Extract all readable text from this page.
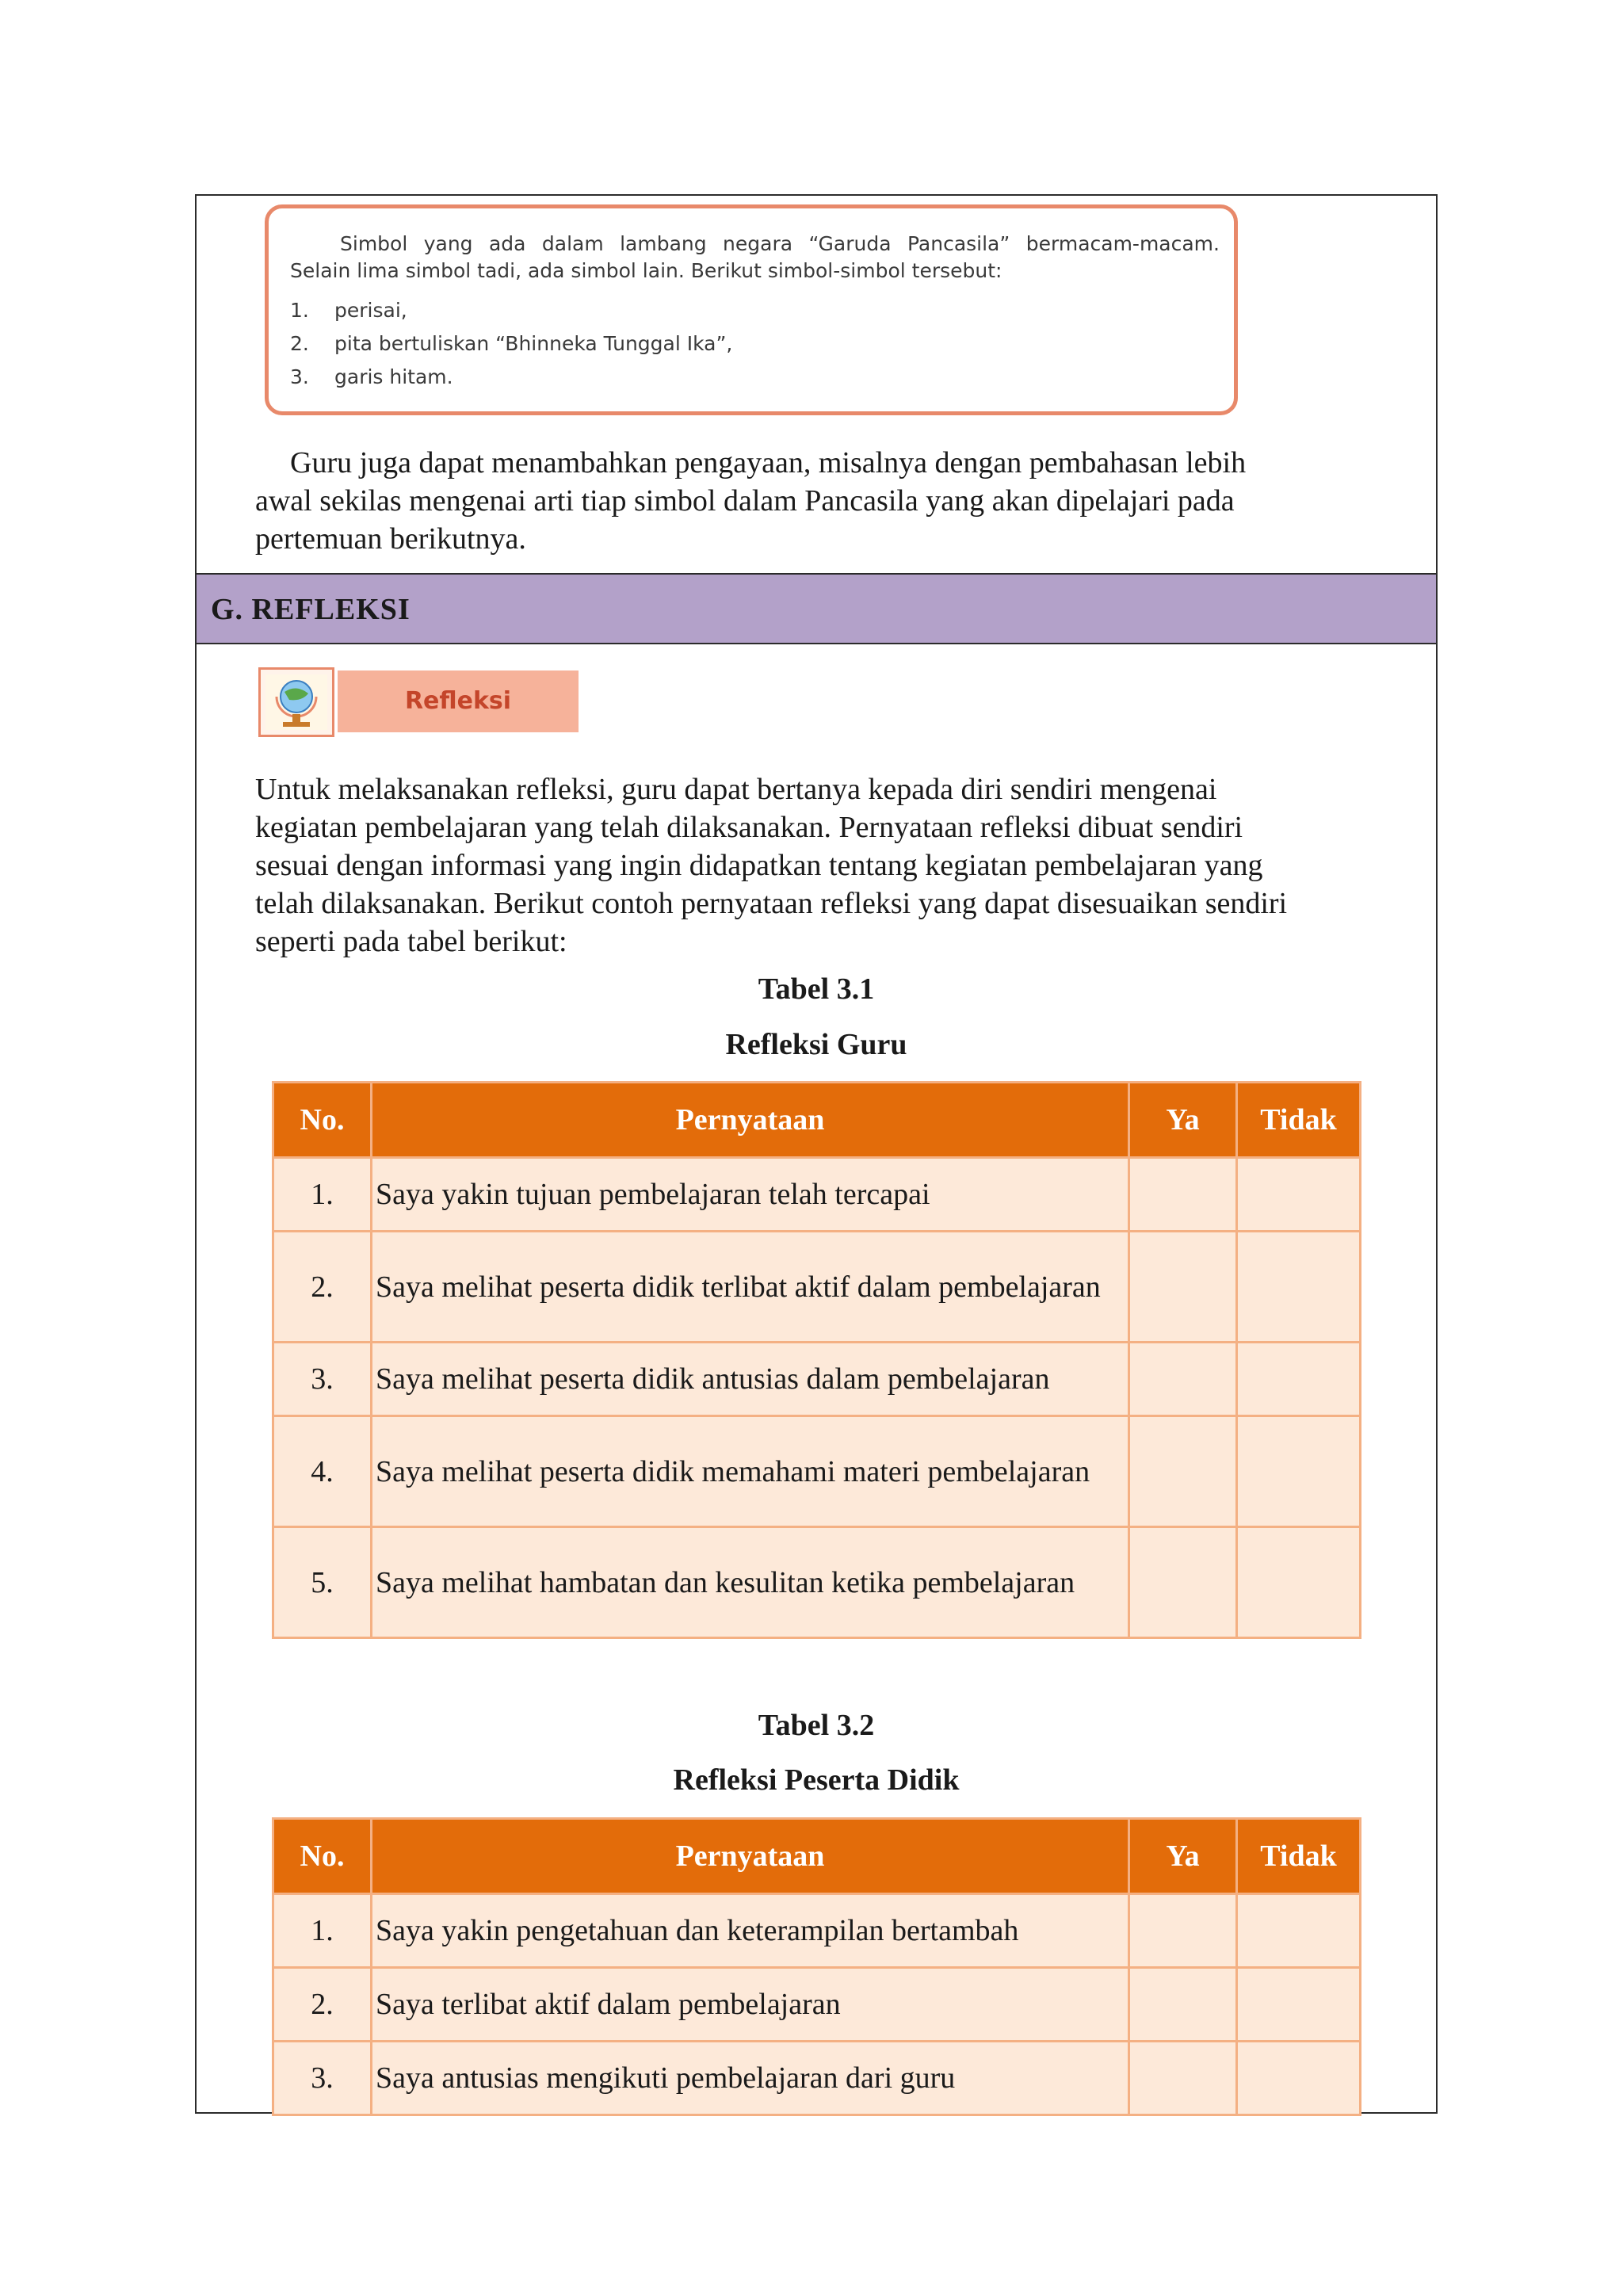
Simbol yang ada dalam lambang negara “Garuda Pancasila” bermacam-macam.
Selain lima simbol tadi, ada simbol lain. Berikut simbol-simbol tersebut:
1. perisai,
2. pita bertuliskan “Bhinneka Tunggal Ika”,
3. garis hitam.
Guru juga dapat menambahkan pengayaan, misalnya dengan pembahasan lebih
awal sekilas mengenai arti tiap simbol dalam Pancasila yang akan dipelajari pada
pertemuan berikutnya.
G. REFLEKSI
Refleksi
Untuk melaksanakan refleksi, guru dapat bertanya kepada diri sendiri mengenai
kegiatan pembelajaran yang telah dilaksanakan. Pernyataan refleksi dibuat sendiri
sesuai dengan informasi yang ingin didapatkan tentang kegiatan pembelajaran yang
telah dilaksanakan. Berikut contoh pernyataan refleksi yang dapat disesuaikan sendiri
seperti pada tabel berikut:
Tabel 3.1
Refleksi Guru
No.	Pernyataan	Ya	Tidak
1.	Saya yakin tujuan pembelajaran telah tercapai		
2.	Saya melihat peserta didik terlibat aktif dalam pembelajaran		
3.	Saya melihat peserta didik antusias dalam pembelajaran		
4.	Saya melihat peserta didik memahami materi pembelajaran		
5.	Saya melihat hambatan dan kesulitan ketika pembelajaran		
Tabel 3.2
Refleksi Peserta Didik
No.	Pernyataan	Ya	Tidak
1.	Saya yakin pengetahuan dan keterampilan bertambah		
2.	Saya terlibat aktif dalam pembelajaran		
3.	Saya antusias mengikuti pembelajaran dari guru		
